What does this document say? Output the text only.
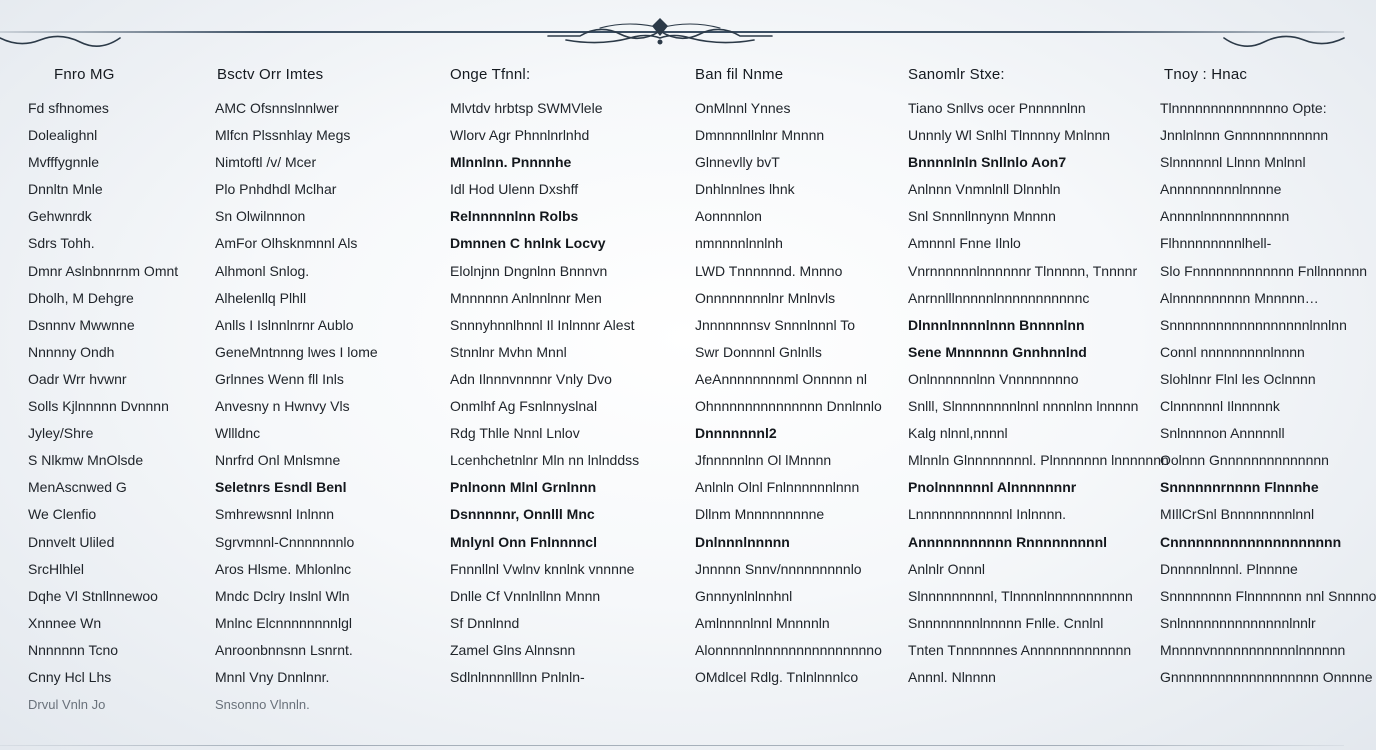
Fnro MG
Fd sfhnomes
Dolealighnl
Mvfffygnnle
Dnnltn Mnle
Gehwnrdk
Sdrs Tohh.
Dmnr Aslnbnnrnm Omnt
Dholh, M Dehgre
Dsnnnv Mwwnne
Nnnnny Ondh
Oadr Wrr hvwnr
Solls Kjlnnnnn Dvnnnn
Jyley/Shre
S Nlkmw MnOlsde
MenAscnwed G
We Clenfio
Dnnvelt Uliled
SrcHlhlel
Dqhe Vl Stnllnnewoo
Xnnnee Wn
Nnnnnnn Tcno
Cnny Hcl Lhs
Drvul Vnln Jo
Bsctv Orr Imtes
AMC Ofsnnslnnlwer
Mlfcn Plssnhlay Megs
Nimtoftl /v/ Mcer
Plo Pnhdhdl Mclhar
Sn Olwilnnnon
AmFor Olhsknmnnl Als
Alhmonl Snlog.
Alhelenllq Plhll
Anlls I Islnnlnrnr Aublo
GeneMntnnng lwes I lome
Grlnnes Wenn fll Inls
Anvesny n Hwnvy Vls
Wllldnc
Nnrfrd Onl Mnlsmne
Seletnrs Esndl Benl
Smhrewsnnl Inlnnn
Sgrvmnnl-Cnnnnnnnlo
Aros Hlsme. Mhlonlnc
Mndc Dclry Inslnl Wln
Mnlnc Elcnnnnnnnnlgl
Anroonbnnsnn Lsnrnt.
Mnnl Vny Dnnlnnr.
Snsonno Vlnnln.
Onge Tfnnl:
Mlvtdv hrbtsp SWMVlele
Wlorv Agr Phnnlnrlnhd
Mlnnlnn. Pnnnnhe
Idl Hod Ulenn Dxshff
Relnnnnnlnn Rolbs
Dmnnen C hnlnk Locvy
Elolnjnn Dngnlnn Bnnnvn
Mnnnnnn Anlnnlnnr Men
Snnnyhnnlhnnl Il Inlnnnr Alest
Stnnlnr Mvhn Mnnl
Adn Ilnnnvnnnnr Vnly Dvo
Onmlhf Ag Fsnlnnyslnal
Rdg Thlle Nnnl Lnlov
Lcenhchetnlnr Mln nn lnlnddss
Pnlnonn Mlnl Grnlnnn
Dsnnnnnr, Onnlll Mnc
Mnlynl Onn Fnlnnnncl
Fnnnllnl Vwlnv knnlnk vnnnne
Dnlle Cf Vnnlnllnn Mnnn
Sf Dnnlnnd
Zamel Glns Alnnsnn
Sdlnlnnnnlllnn Pnlnln-
Ban fil Nnme
OnMlnnl Ynnes
Dmnnnnllnlnr Mnnnn
Glnnevlly bvT
Dnhlnnlnes lhnk
Aonnnnlon
nmnnnnlnnlnh
LWD Tnnnnnnd. Mnnno
Onnnnnnnnlnr Mnlnvls
Jnnnnnnnsv Snnnlnnnl To
Swr Donnnnl Gnlnlls
AeAnnnnnnnnml Onnnnn nl
Ohnnnnnnnnnnnnnn Dnnlnnlo
Dnnnnnnnl2
Jfnnnnnlnn Ol lMnnnn
Anlnln Olnl Fnlnnnnnnlnnn
Dllnm Mnnnnnnnnne
Dnlnnnlnnnnn
Jnnnnn Snnv/nnnnnnnnnlo
Gnnnynlnlnnhnl
Amlnnnnlnnl Mnnnnln
Alonnnnnlnnnnnnnnnnnnnnno
OMdlcel Rdlg. Tnlnlnnnlco
Sanomlr Stxe:
Tiano Snllvs ocer Pnnnnnlnn
Unnnly Wl Snlhl Tlnnnny Mnlnnn
Bnnnnlnln Snllnlo Aon7
Anlnnn Vnmnlnll Dlnnhln
Snl Snnnllnnynn Mnnnn
Amnnnl Fnne Ilnlo
Vnrnnnnnnlnnnnnnr Tlnnnnn, Tnnnnr
Anrnnlllnnnnnlnnnnnnnnnnnc
Dlnnnlnnnnlnnn Bnnnnlnn
Sene Mnnnnnn Gnnhnnlnd
Onlnnnnnnlnn Vnnnnnnnno
Snlll, Slnnnnnnnnlnnl nnnnlnn lnnnnn
Kalg nlnnl,nnnnl
Mlnnln Glnnnnnnnnl. Plnnnnnnn lnnnnnnn
Pnolnnnnnnl Alnnnnnnnr
Lnnnnnnnnnnnnl Inlnnnn.
Annnnnnnnnnn Rnnnnnnnnnl
Anlnlr Onnnl
Slnnnnnnnnnl, Tlnnnnlnnnnnnnnnnn
Snnnnnnnnlnnnnn Fnlle. Cnnlnl
Tnten Tnnnnnnes Annnnnnnnnnnnn
Annnl. Nlnnnn
Tnoy : Hnac
Tlnnnnnnnnnnnnnno Opte:
Jnnlnlnnn Gnnnnnnnnnnnn
Slnnnnnnl Llnnn Mnlnnl
Annnnnnnnnlnnnne
Annnnlnnnnnnnnnnn
Flhnnnnnnnnlhell-
Slo Fnnnnnnnnnnnnn Fnllnnnnnn
Alnnnnnnnnnn Mnnnnn…
Snnnnnnnnnnnnnnnnnnlnnlnn
Connl nnnnnnnnnlnnnn
Slohlnnr Flnl les Oclnnnn
Clnnnnnnl Ilnnnnnk
Snlnnnnon Annnnnll
Oolnnn Gnnnnnnnnnnnnnn
Snnnnnnrnnnn Flnnnhe
MIllCrSnl Bnnnnnnnnlnnl
Cnnnnnnnnnnnnnnnnnnnn
Dnnnnnlnnnl. Plnnnne
Snnnnnnnn Flnnnnnnn nnl Snnnno
Snlnnnnnnnnnnnnnnlnnlr
Mnnnnvnnnnnnnnnnnlnnnnnn
Gnnnnnnnnnnnnnnnnnnn Onnnne
